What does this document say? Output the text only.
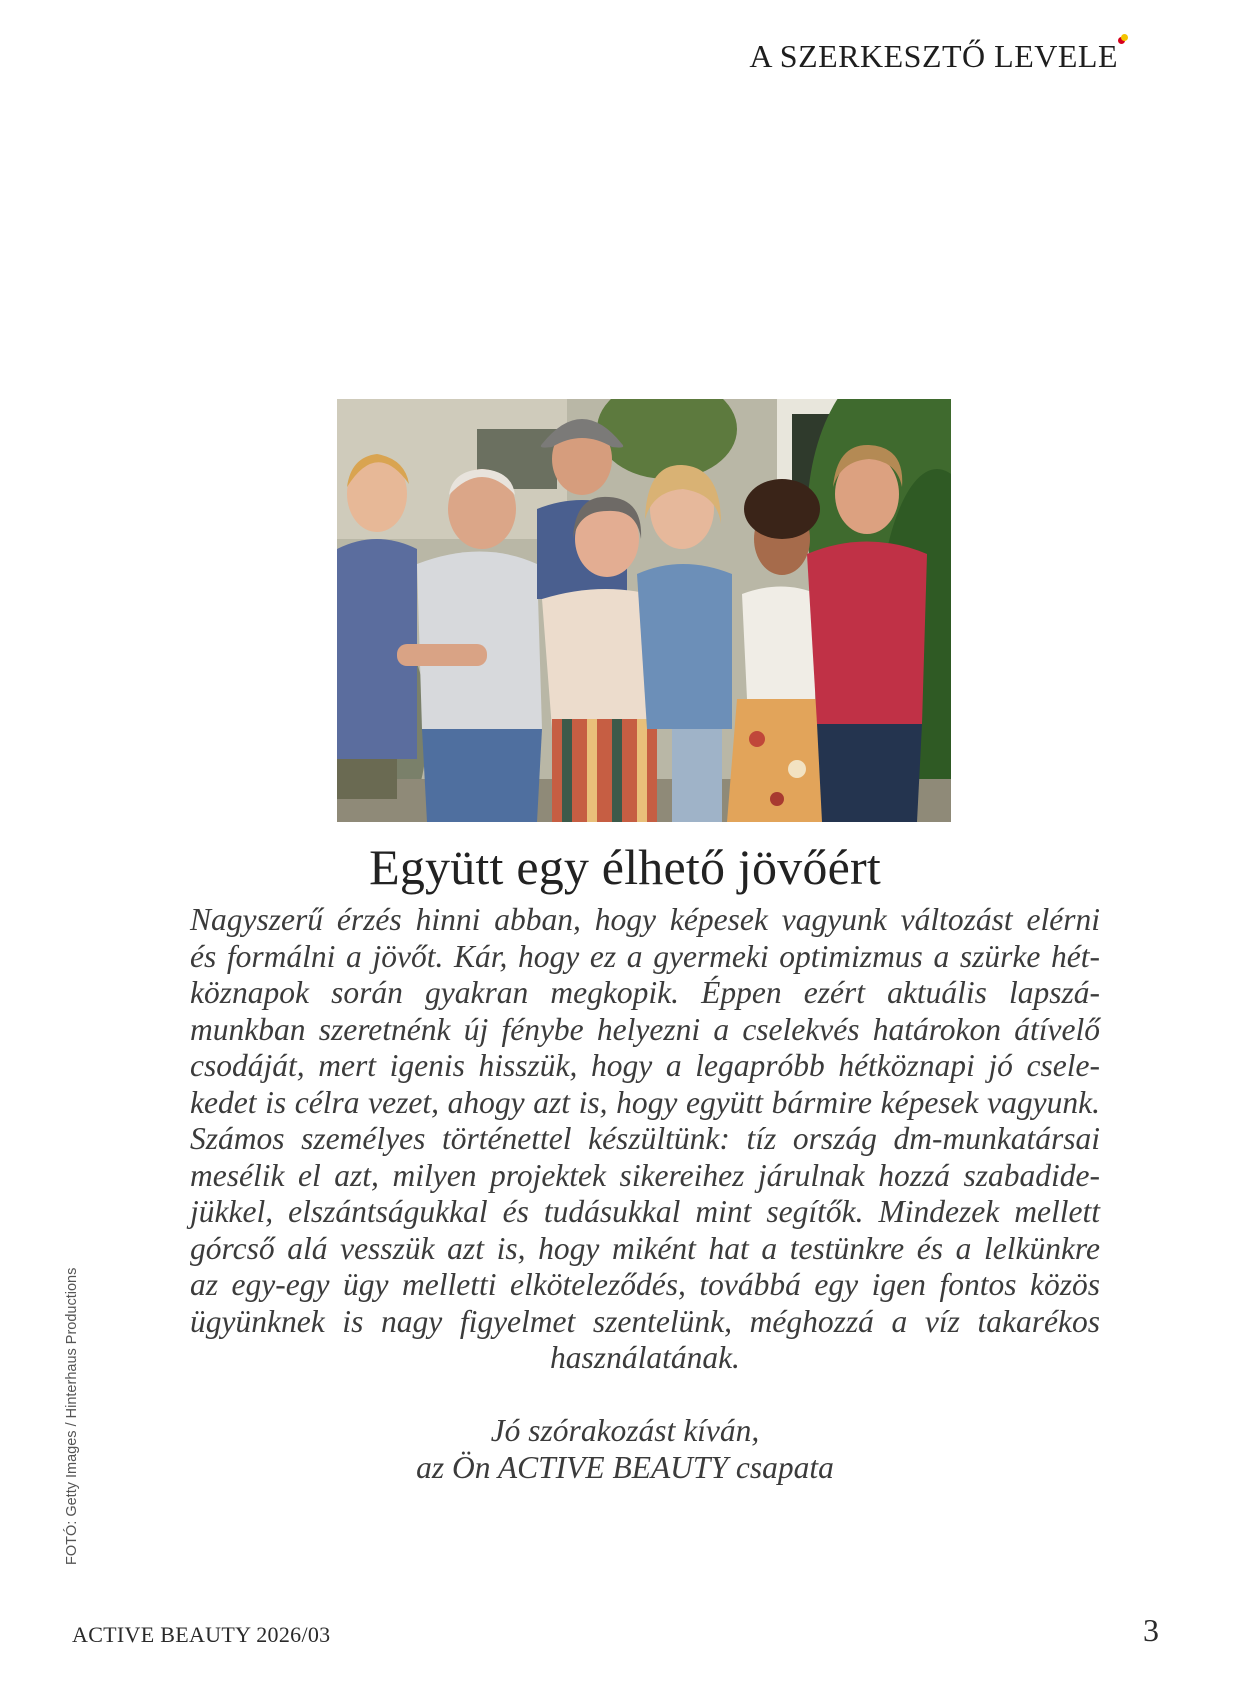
A SZERKESZTŐ LEVELE
Együtt egy élhető jövőért
Nagyszerű érzés hinni abban, hogy képesek vagyunk változást elérni
és formálni a jövőt. Kár, hogy ez a gyermeki optimizmus a szürke hét-
köznapok során gyakran megkopik. Éppen ezért aktuális lapszá-
munkban szeretnénk új fénybe helyezni a cselekvés határokon átívelő
csodáját, mert igenis hisszük, hogy a legapróbb hétköznapi jó csele-
kedet is célra vezet, ahogy azt is, hogy együtt bármire képesek vagyunk.
Számos személyes történettel készültünk: tíz ország dm-munkatársai
mesélik el azt, milyen projektek sikereihez járulnak hozzá szabadide-
jükkel, elszántságukkal és tudásukkal mint segítők. Mindezek mellett
górcső alá vesszük azt is, hogy miként hat a testünkre és a lelkünkre
az egy-egy ügy melletti elköteleződés, továbbá egy igen fontos közös
ügyünknek is nagy figyelmet szentelünk, méghozzá a víz takarékos
használatának.
Jó szórakozást kíván,
az Ön ACTIVE BEAUTY csapata
FOTÓ: Getty Images / Hinterhaus Productions
ACTIVE BEAUTY 2026/03	3
